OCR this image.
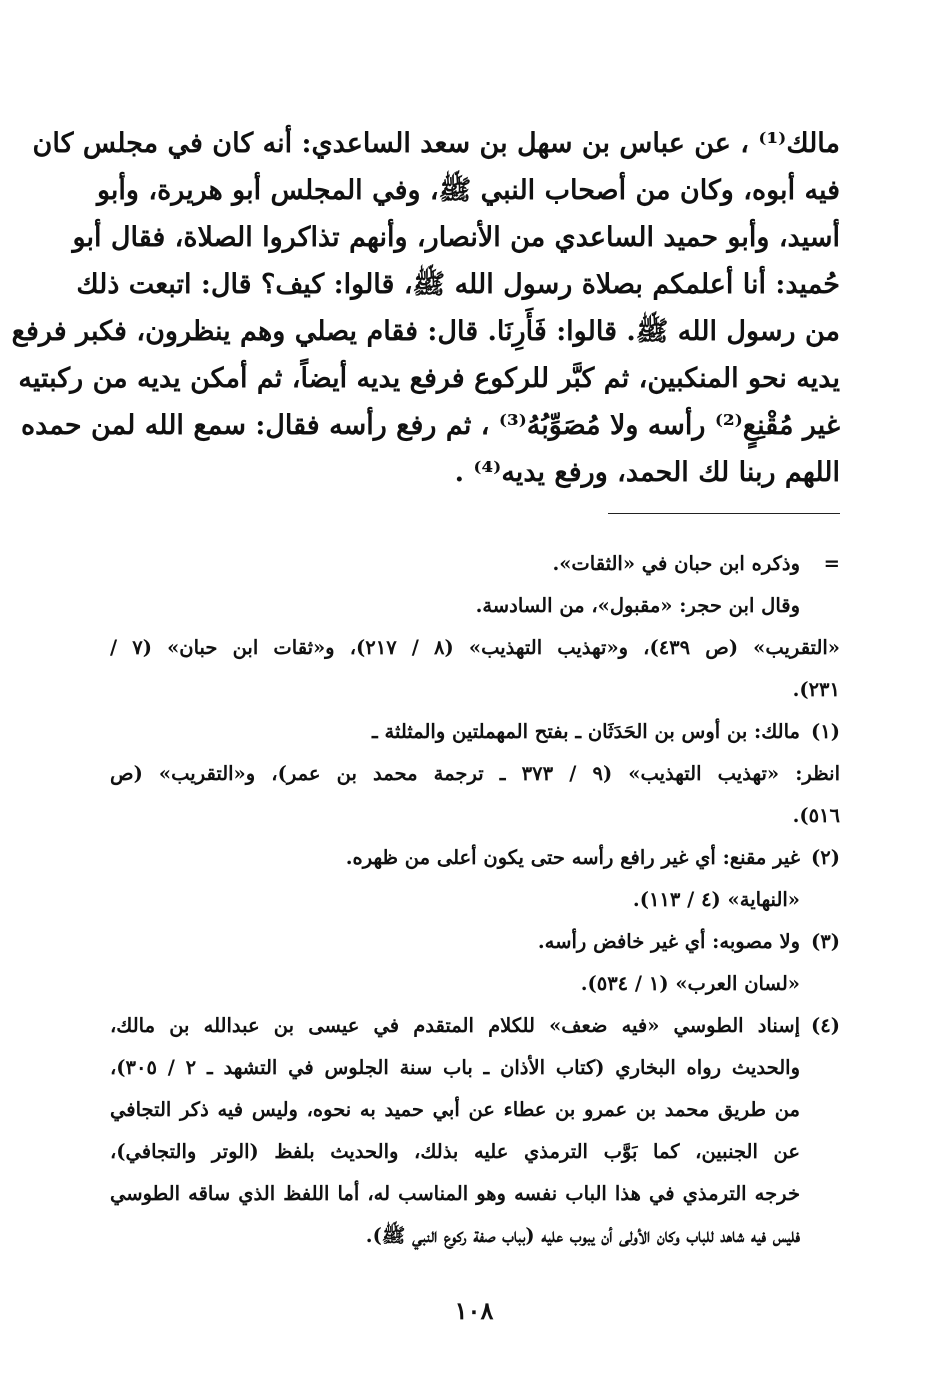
مالك⁽¹⁾ ، عن عباس بن سهل بن سعد الساعدي: أنه كان في مجلس كان
فيه أبوه، وكان من أصحاب النبي ﷺ، وفي المجلس أبو هريرة، وأبو
أسيد، وأبو حميد الساعدي من الأنصار، وأنهم تذاكروا الصلاة، فقال أبو
حُميد: أنا أعلمكم بصلاة رسول الله ﷺ، قالوا: كيف؟ قال: اتبعت ذلك
من رسول الله ﷺ. قالوا: فَأَرِنَا. قال: فقام يصلي وهم ينظرون، فكبر فرفع
يديه نحو المنكبين، ثم كبَّر للركوع فرفع يديه أيضاً، ثم أمكن يديه من ركبتيه
غير مُقْنِعٍ⁽²⁾ رأسه ولا مُصَوِّبُهُ⁽³⁾ ، ثم رفع رأسه فقال: سمع الله لمن حمده
اللهم ربنا لك الحمد، ورفع يديه⁽⁴⁾ .
=
وذكره ابن حبان في «الثقات».
وقال ابن حجر: «مقبول»، من السادسة.
«التقريب» (ص ٤٣٩)، و«تهذيب التهذيب» (٨ / ٢١٧)، و«ثقات ابن حبان» (٧ /
٢٣١).
(١)
مالك: بن أوس بن الحَدَثَان ـ بفتح المهملتين والمثلثة ـ
انظر: «تهذيب التهذيب» (٩ / ٣٧٣ ـ ترجمة محمد بن عمر)، و«التقريب» (ص
٥١٦).
(٢)
غير مقنع: أي غير رافع رأسه حتى يكون أعلى من ظهره.
«النهاية» (٤ / ١١٣).
(٣)
ولا مصوبه: أي غير خافض رأسه.
«لسان العرب» (١ / ٥٣٤).
(٤)
إسناد الطوسي «فيه ضعف» للكلام المتقدم في عيسى بن عبدالله بن مالك،
والحديث رواه البخاري (كتاب الأذان ـ باب سنة الجلوس في التشهد ـ ٢ / ٣٠٥)،
من طريق محمد بن عمرو بن عطاء عن أبي حميد به نحوه، وليس فيه ذكر التجافي
عن الجنبين، كما بَوَّب الترمذي عليه بذلك، والحديث بلفظ (الوتر والتجافي)،
خرجه الترمذي في هذا الباب نفسه وهو المناسب له، أما اللفظ الذي ساقه الطوسي
فليس فيه شاهد للباب وكان الأولى أن يبوب عليه (بباب صفة ركوع النبي ﷺ).
١٠٨
